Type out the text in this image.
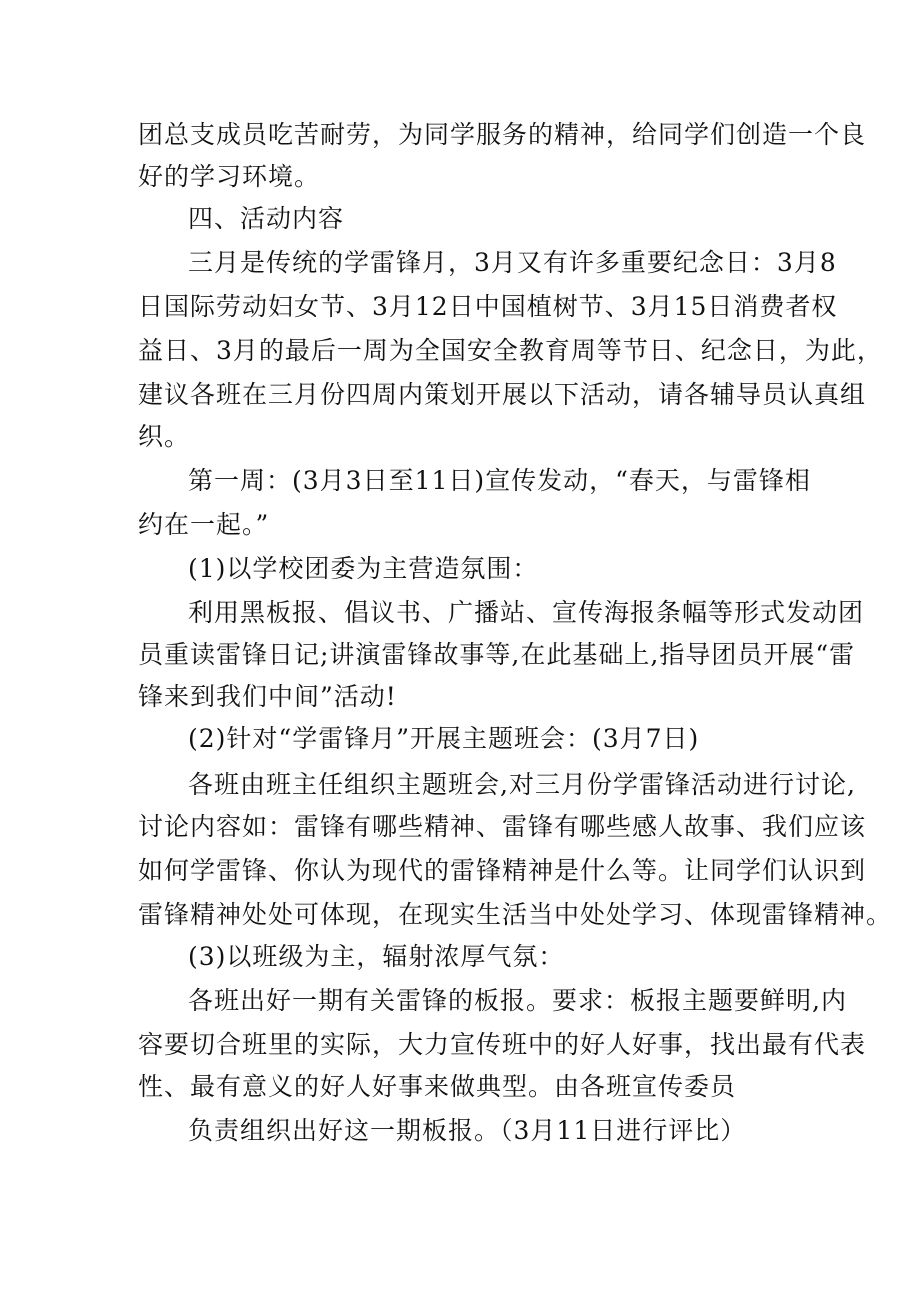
团总支成员吃苦耐劳，为同学服务的精神，给同学们创造一个良
好的学习环境。
四、活动内容
三月是传统的学雷锋月，3月又有许多重要纪念日：3月8
日国际劳动妇女节、3月12日中国植树节、3月15日消费者权
益日、3月的最后一周为全国安全教育周等节日、纪念日，为此，
建议各班在三月份四周内策划开展以下活动，请各辅导员认真组
织。
第一周：(3月3日至11日)宣传发动，“春天，与雷锋相
约在一起。”
(1)以学校团委为主营造氛围：
利用黑板报、倡议书、广播站、宣传海报条幅等形式发动团
员重读雷锋日记;讲演雷锋故事等,在此基础上,指导团员开展“雷
锋来到我们中间”活动!
(2)针对“学雷锋月”开展主题班会：(3月7日)
各班由班主任组织主题班会,对三月份学雷锋活动进行讨论,
讨论内容如：雷锋有哪些精神、雷锋有哪些感人故事、我们应该
如何学雷锋、你认为现代的雷锋精神是什么等。让同学们认识到
雷锋精神处处可体现，在现实生活当中处处学习、体现雷锋精神。
(3)以班级为主，辐射浓厚气氛：
各班出好一期有关雷锋的板报。要求：板报主题要鲜明,内
容要切合班里的实际，大力宣传班中的好人好事，找出最有代表
性、最有意义的好人好事来做典型。由各班宣传委员
负责组织出好这一期板报。（3月11日进行评比）
